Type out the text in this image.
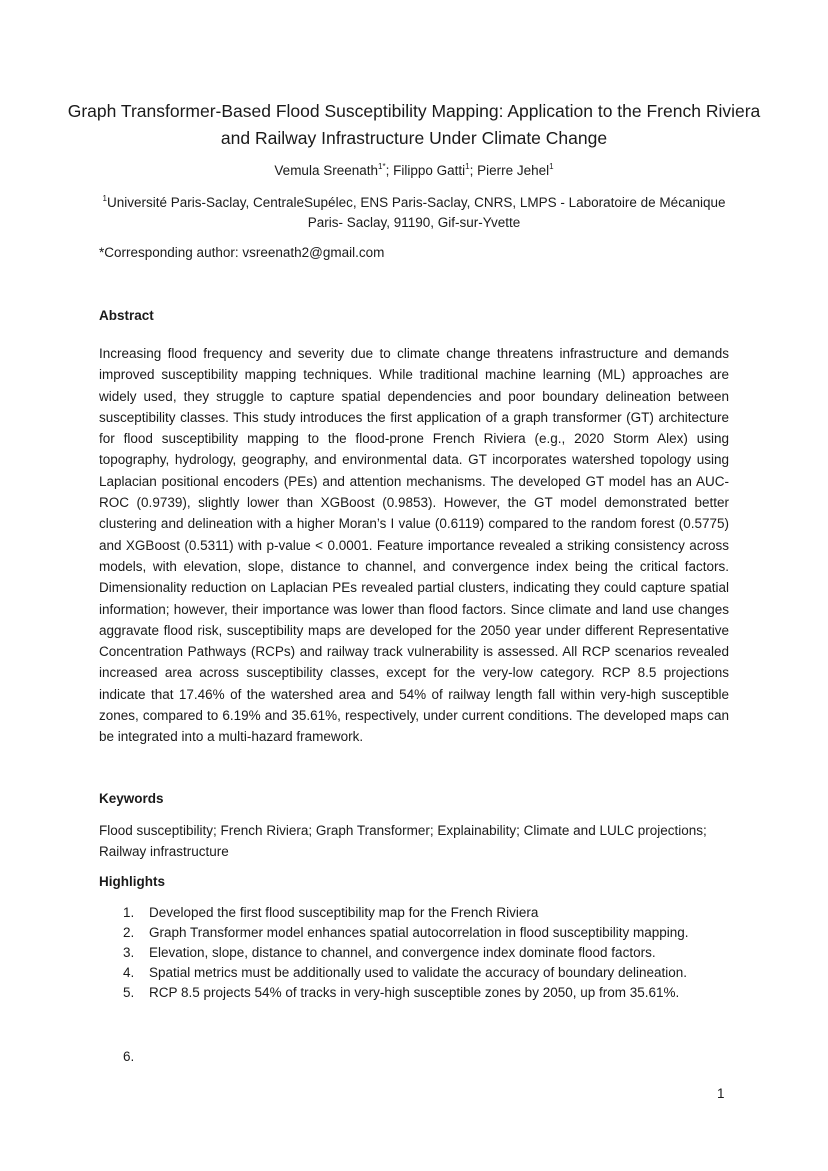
Graph Transformer-Based Flood Susceptibility Mapping: Application to the French Riviera and Railway Infrastructure Under Climate Change
Vemula Sreenath$^{1*}$; Filippo Gatti$^1$; Pierre Jehel$^1$
$^1$Université Paris-Saclay, CentraleSupélec, ENS Paris-Saclay, CNRS, LMPS - Laboratoire de Mécanique Paris- Saclay, 91190, Gif-sur-Yvette
*Corresponding author: vsreenath2@gmail.com
Abstract
Increasing flood frequency and severity due to climate change threatens infrastructure and demands improved susceptibility mapping techniques. While traditional machine learning (ML) approaches are widely used, they struggle to capture spatial dependencies and poor boundary delineation between susceptibility classes. This study introduces the first application of a graph transformer (GT) architecture for flood susceptibility mapping to the flood-prone French Riviera (e.g., 2020 Storm Alex) using topography, hydrology, geography, and environmental data. GT incorporates watershed topology using Laplacian positional encoders (PEs) and attention mechanisms. The developed GT model has an AUC-ROC (0.9739), slightly lower than XGBoost (0.9853). However, the GT model demonstrated better clustering and delineation with a higher Moran’s I value (0.6119) compared to the random forest (0.5775) and XGBoost (0.5311) with p-value < 0.0001. Feature importance revealed a striking consistency across models, with elevation, slope, distance to channel, and convergence index being the critical factors. Dimensionality reduction on Laplacian PEs revealed partial clusters, indicating they could capture spatial information; however, their importance was lower than flood factors. Since climate and land use changes aggravate flood risk, susceptibility maps are developed for the 2050 year under different Representative Concentration Pathways (RCPs) and railway track vulnerability is assessed. All RCP scenarios revealed increased area across susceptibility classes, except for the very-low category. RCP 8.5 projections indicate that 17.46% of the watershed area and 54% of railway length fall within very-high susceptible zones, compared to 6.19% and 35.61%, respectively, under current conditions. The developed maps can be integrated into a multi-hazard framework.
Keywords
Flood susceptibility; French Riviera; Graph Transformer; Explainability; Climate and LULC projections; Railway infrastructure
Highlights
1. Developed the first flood susceptibility map for the French Riviera
2. Graph Transformer model enhances spatial autocorrelation in flood susceptibility mapping.
3. Elevation, slope, distance to channel, and convergence index dominate flood factors.
4. Spatial metrics must be additionally used to validate the accuracy of boundary delineation.
5. RCP 8.5 projects 54% of tracks in very-high susceptible zones by 2050, up from 35.61%.
6.
1
